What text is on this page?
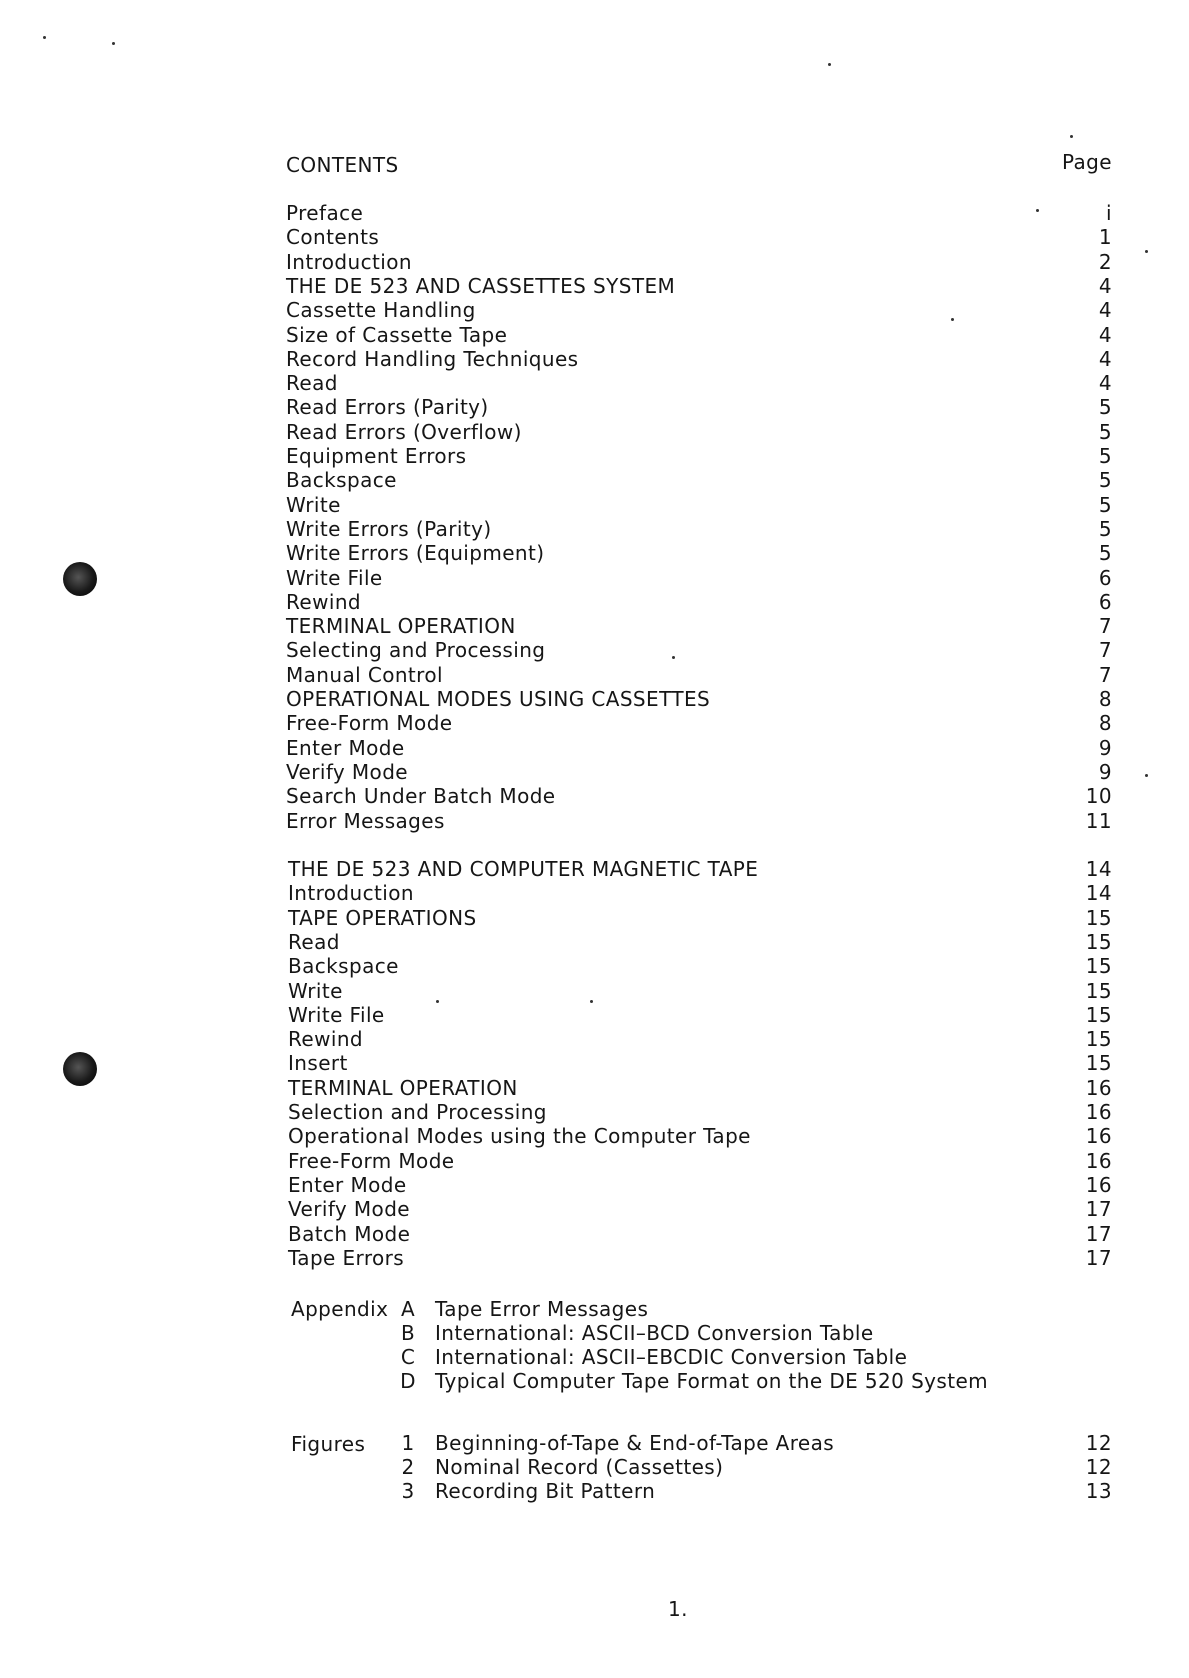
CONTENTS	Page
Preface	i
Contents	1
Introduction	2
THE DE 523 AND CASSETTES SYSTEM	4
Cassette Handling	4
Size of Cassette Tape	4
Record Handling Techniques	4
Read	4
Read Errors (Parity)	5
Read Errors (Overflow)	5
Equipment Errors	5
Backspace	5
Write	5
Write Errors (Parity)	5
Write Errors (Equipment)	5
Write File	6
Rewind	6
TERMINAL OPERATION	7
Selecting and Processing	7
Manual Control	7
OPERATIONAL MODES USING CASSETTES	8
Free-Form Mode	8
Enter Mode	9
Verify Mode	9
Search Under Batch Mode	10
Error Messages	11
THE DE 523 AND COMPUTER MAGNETIC TAPE	14
Introduction	14
TAPE OPERATIONS	15
Read	15
Backspace	15
Write	15
Write File	15
Rewind	15
Insert	15
TERMINAL OPERATION	16
Selection and Processing	16
Operational Modes using the Computer Tape	16
Free-Form Mode	16
Enter Mode	16
Verify Mode	17
Batch Mode	17
Tape Errors	17
Appendix A Tape Error Messages
B International: ASCII–BCD Conversion Table
C International: ASCII–EBCDIC Conversion Table
D Typical Computer Tape Format on the DE 520 System
Figures 1 Beginning-of-Tape & End-of-Tape Areas	12
2 Nominal Record (Cassettes)	12
3 Recording Bit Pattern	13
1.
